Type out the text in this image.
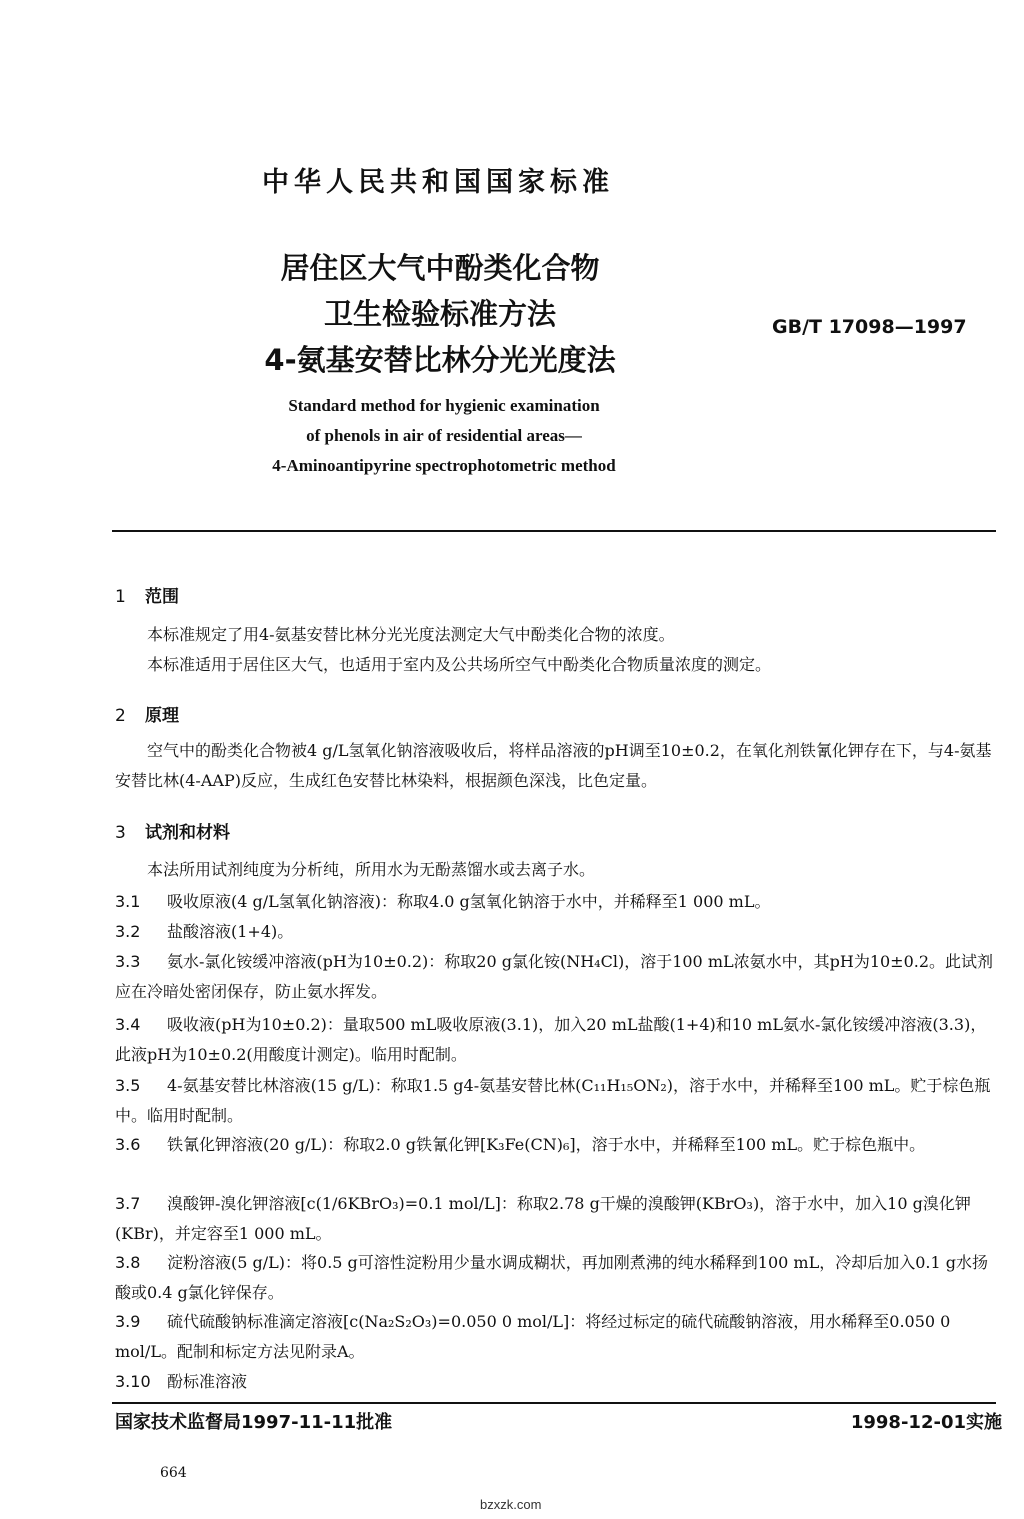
中华人民共和国国家标准
居住区大气中酚类化合物
卫生检验标准方法
4-氨基安替比林分光光度法
GB/T 17098—1997
Standard method for hygienic examination
of phenols in air of residential areas—
4-Aminoantipyrine spectrophotometric method
1 范围
本标准规定了用4-氨基安替比林分光光度法测定大气中酚类化合物的浓度。
本标准适用于居住区大气，也适用于室内及公共场所空气中酚类化合物质量浓度的测定。
2 原理
空气中的酚类化合物被4 g/L氢氧化钠溶液吸收后，将样品溶液的pH调至10±0.2，在氧化剂铁氰化钾存在下，与4-氨基安替比林(4-AAP)反应，生成红色安替比林染料，根据颜色深浅，比色定量。
3 试剂和材料
本法所用试剂纯度为分析纯，所用水为无酚蒸馏水或去离子水。
3.1 吸收原液(4 g/L氢氧化钠溶液)：称取4.0 g氢氧化钠溶于水中，并稀释至1 000 mL。
3.2 盐酸溶液(1+4)。
3.3 氨水-氯化铵缓冲溶液(pH为10±0.2)：称取20 g氯化铵(NH₄Cl)，溶于100 mL浓氨水中，其pH为10±0.2。此试剂应在冷暗处密闭保存，防止氨水挥发。
3.4 吸收液(pH为10±0.2)：量取500 mL吸收原液(3.1)，加入20 mL盐酸(1+4)和10 mL氨水-氯化铵缓冲溶液(3.3)，此液pH为10±0.2(用酸度计测定)。临用时配制。
3.5 4-氨基安替比林溶液(15 g/L)：称取1.5 g4-氨基安替比林(C₁₁H₁₅ON₂)，溶于水中，并稀释至100 mL。贮于棕色瓶中。临用时配制。
3.6 铁氰化钾溶液(20 g/L)：称取2.0 g铁氰化钾[K₃Fe(CN)₆]，溶于水中，并稀释至100 mL。贮于棕色瓶中。
3.7 溴酸钾-溴化钾溶液[c(1/6KBrO₃)=0.1 mol/L]：称取2.78 g干燥的溴酸钾(KBrO₃)，溶于水中，加入10 g溴化钾(KBr)，并定容至1 000 mL。
3.8 淀粉溶液(5 g/L)：将0.5 g可溶性淀粉用少量水调成糊状，再加刚煮沸的纯水稀释到100 mL，冷却后加入0.1 g水扬酸或0.4 g氯化锌保存。
3.9 硫代硫酸钠标准滴定溶液[c(Na₂S₂O₃)=0.050 0 mol/L]：将经过标定的硫代硫酸钠溶液，用水稀释至0.050 0 mol/L。配制和标定方法见附录A。
3.10 酚标准溶液
国家技术监督局1997-11-11批准	1998-12-01实施
664
bzxzk.com
